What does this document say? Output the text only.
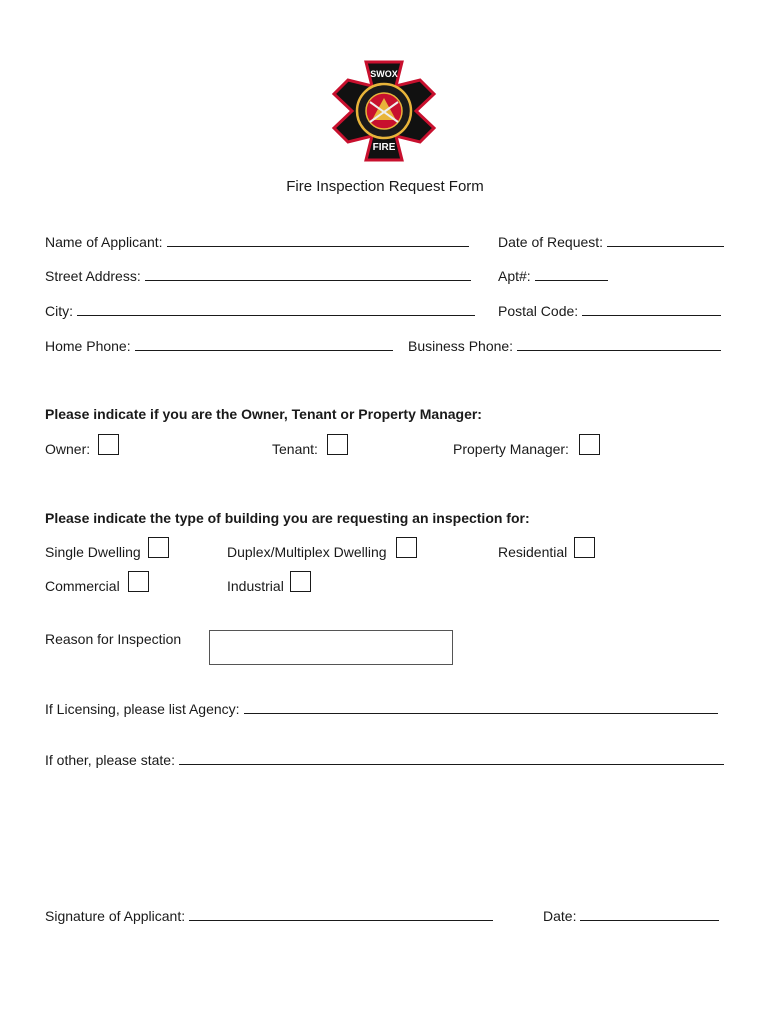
SWOX
FIRE
Fire Inspection Request Form
Name of Applicant:	Date of Request:
Street Address:	Apt#:
City:	Postal Code:
Home Phone:	Business Phone:
Please indicate if you are the Owner, Tenant or Property Manager:
Owner:	Tenant:	Property Manager:
Please indicate the type of building you are requesting an inspection for:
Single Dwelling	Duplex/Multiplex Dwelling	Residential
Commercial	Industrial
Reason for Inspection
If Licensing, please list Agency:
If other, please state:
Signature of Applicant:	Date:
